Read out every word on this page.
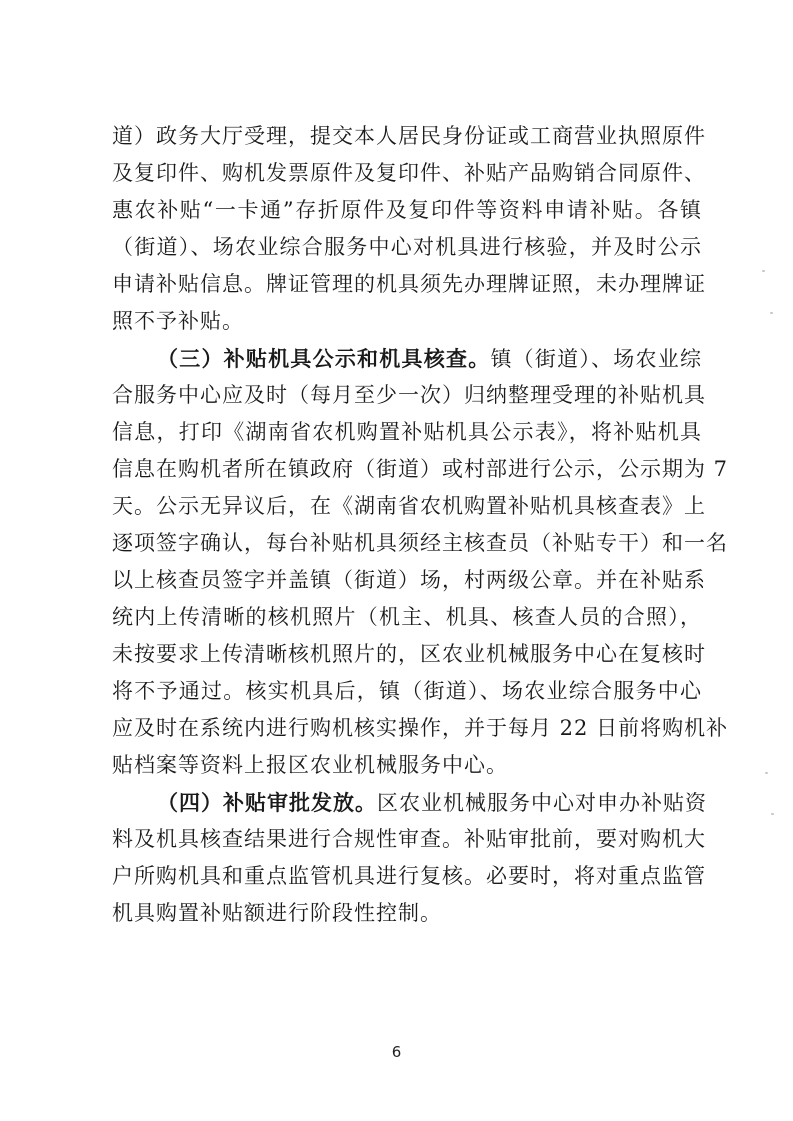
道）政务大厅受理，提交本人居民身份证或工商营业执照原件
及复印件、购机发票原件及复印件、补贴产品购销合同原件、
惠农补贴“一卡通”存折原件及复印件等资料申请补贴。各镇
（街道）、场农业综合服务中心对机具进行核验，并及时公示
申请补贴信息。牌证管理的机具须先办理牌证照，未办理牌证
照不予补贴。
（三）补贴机具公示和机具核查。镇（街道）、场农业综
合服务中心应及时（每月至少一次）归纳整理受理的补贴机具
信息，打印《湖南省农机购置补贴机具公示表》，将补贴机具
信息在购机者所在镇政府（街道）或村部进行公示，公示期为 7
天。公示无异议后，在《湖南省农机购置补贴机具核查表》上
逐项签字确认，每台补贴机具须经主核查员（补贴专干）和一名
以上核查员签字并盖镇（街道）场，村两级公章。并在补贴系
统内上传清晰的核机照片（机主、机具、核查人员的合照），
未按要求上传清晰核机照片的，区农业机械服务中心在复核时
将不予通过。核实机具后，镇（街道）、场农业综合服务中心
应及时在系统内进行购机核实操作，并于每月 22 日前将购机补
贴档案等资料上报区农业机械服务中心。
（四）补贴审批发放。区农业机械服务中心对申办补贴资
料及机具核查结果进行合规性审查。补贴审批前，要对购机大
户所购机具和重点监管机具进行复核。必要时，将对重点监管
机具购置补贴额进行阶段性控制。
6
